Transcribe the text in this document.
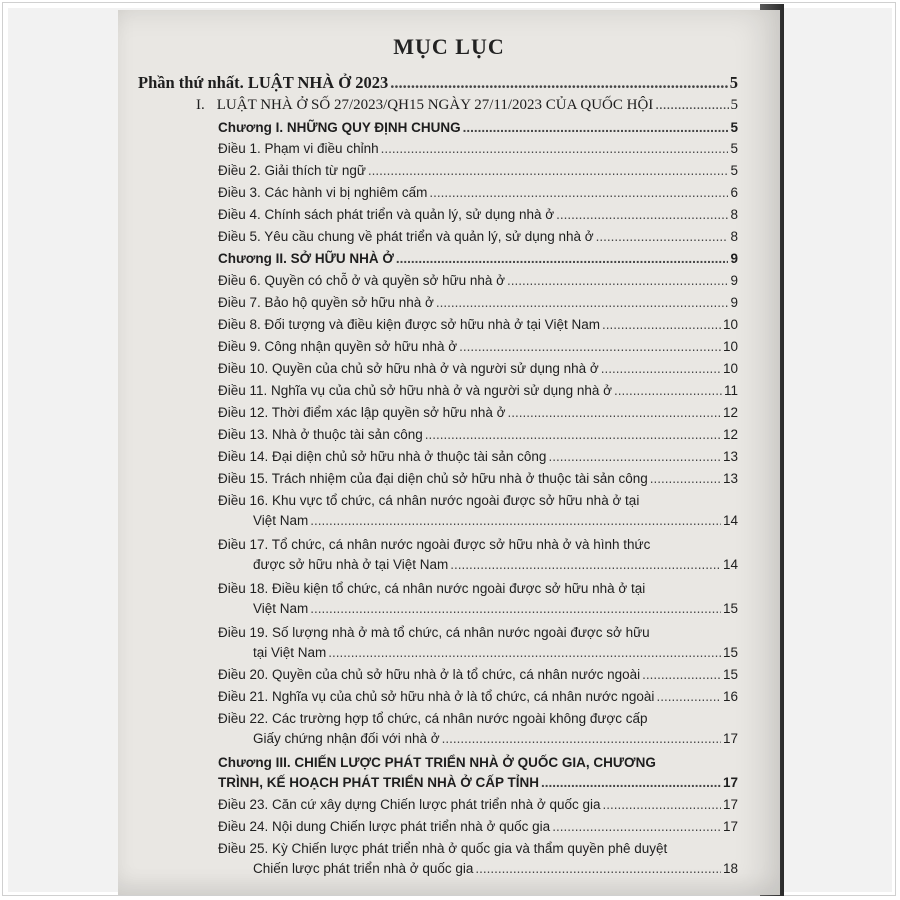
MỤC LỤC
Phần thứ nhất. LUẬT NHÀ Ở 2023 .....	5
I. LUẬT NHÀ Ở SỐ 27/2023/QH15 NGÀY 27/11/2023 CỦA QUỐC HỘI .....	5
Chương I. NHỮNG QUY ĐỊNH CHUNG .....	5
Điều 1. Phạm vi điều chỉnh .....	5
Điều 2. Giải thích từ ngữ .....	5
Điều 3. Các hành vi bị nghiêm cấm .....	6
Điều 4. Chính sách phát triển và quản lý, sử dụng nhà ở .....	8
Điều 5. Yêu cầu chung về phát triển và quản lý, sử dụng nhà ở .....	8
Chương II. SỞ HỮU NHÀ Ở .....	9
Điều 6. Quyền có chỗ ở và quyền sở hữu nhà ở .....	9
Điều 7. Bảo hộ quyền sở hữu nhà ở .....	9
Điều 8. Đối tượng và điều kiện được sở hữu nhà ở tại Việt Nam .....	10
Điều 9. Công nhận quyền sở hữu nhà ở .....	10
Điều 10. Quyền của chủ sở hữu nhà ở và người sử dụng nhà ở .....	10
Điều 11. Nghĩa vụ của chủ sở hữu nhà ở và người sử dụng nhà ở .....	11
Điều 12. Thời điểm xác lập quyền sở hữu nhà ở .....	12
Điều 13. Nhà ở thuộc tài sản công .....	12
Điều 14. Đại diện chủ sở hữu nhà ở thuộc tài sản công .....	13
Điều 15. Trách nhiệm của đại diện chủ sở hữu nhà ở thuộc tài sản công .....	13
Điều 16. Khu vực tổ chức, cá nhân nước ngoài được sở hữu nhà ở tại
Việt Nam .....	14
Điều 17. Tổ chức, cá nhân nước ngoài được sở hữu nhà ở và hình thức
được sở hữu nhà ở tại Việt Nam .....	14
Điều 18. Điều kiện tổ chức, cá nhân nước ngoài được sở hữu nhà ở tại
Việt Nam .....	15
Điều 19. Số lượng nhà ở mà tổ chức, cá nhân nước ngoài được sở hữu
tại Việt Nam .....	15
Điều 20. Quyền của chủ sở hữu nhà ở là tổ chức, cá nhân nước ngoài .....	15
Điều 21. Nghĩa vụ của chủ sở hữu nhà ở là tổ chức, cá nhân nước ngoài .....	16
Điều 22. Các trường hợp tổ chức, cá nhân nước ngoài không được cấp
Giấy chứng nhận đối với nhà ở .....	17
Chương III. CHIẾN LƯỢC PHÁT TRIỂN NHÀ Ở QUỐC GIA, CHƯƠNG
TRÌNH, KẾ HOẠCH PHÁT TRIỂN NHÀ Ở CẤP TỈNH .....	17
Điều 23. Căn cứ xây dựng Chiến lược phát triển nhà ở quốc gia .....	17
Điều 24. Nội dung Chiến lược phát triển nhà ở quốc gia .....	17
Điều 25. Kỳ Chiến lược phát triển nhà ở quốc gia và thẩm quyền phê duyệt
Chiến lược phát triển nhà ở quốc gia .....	18
